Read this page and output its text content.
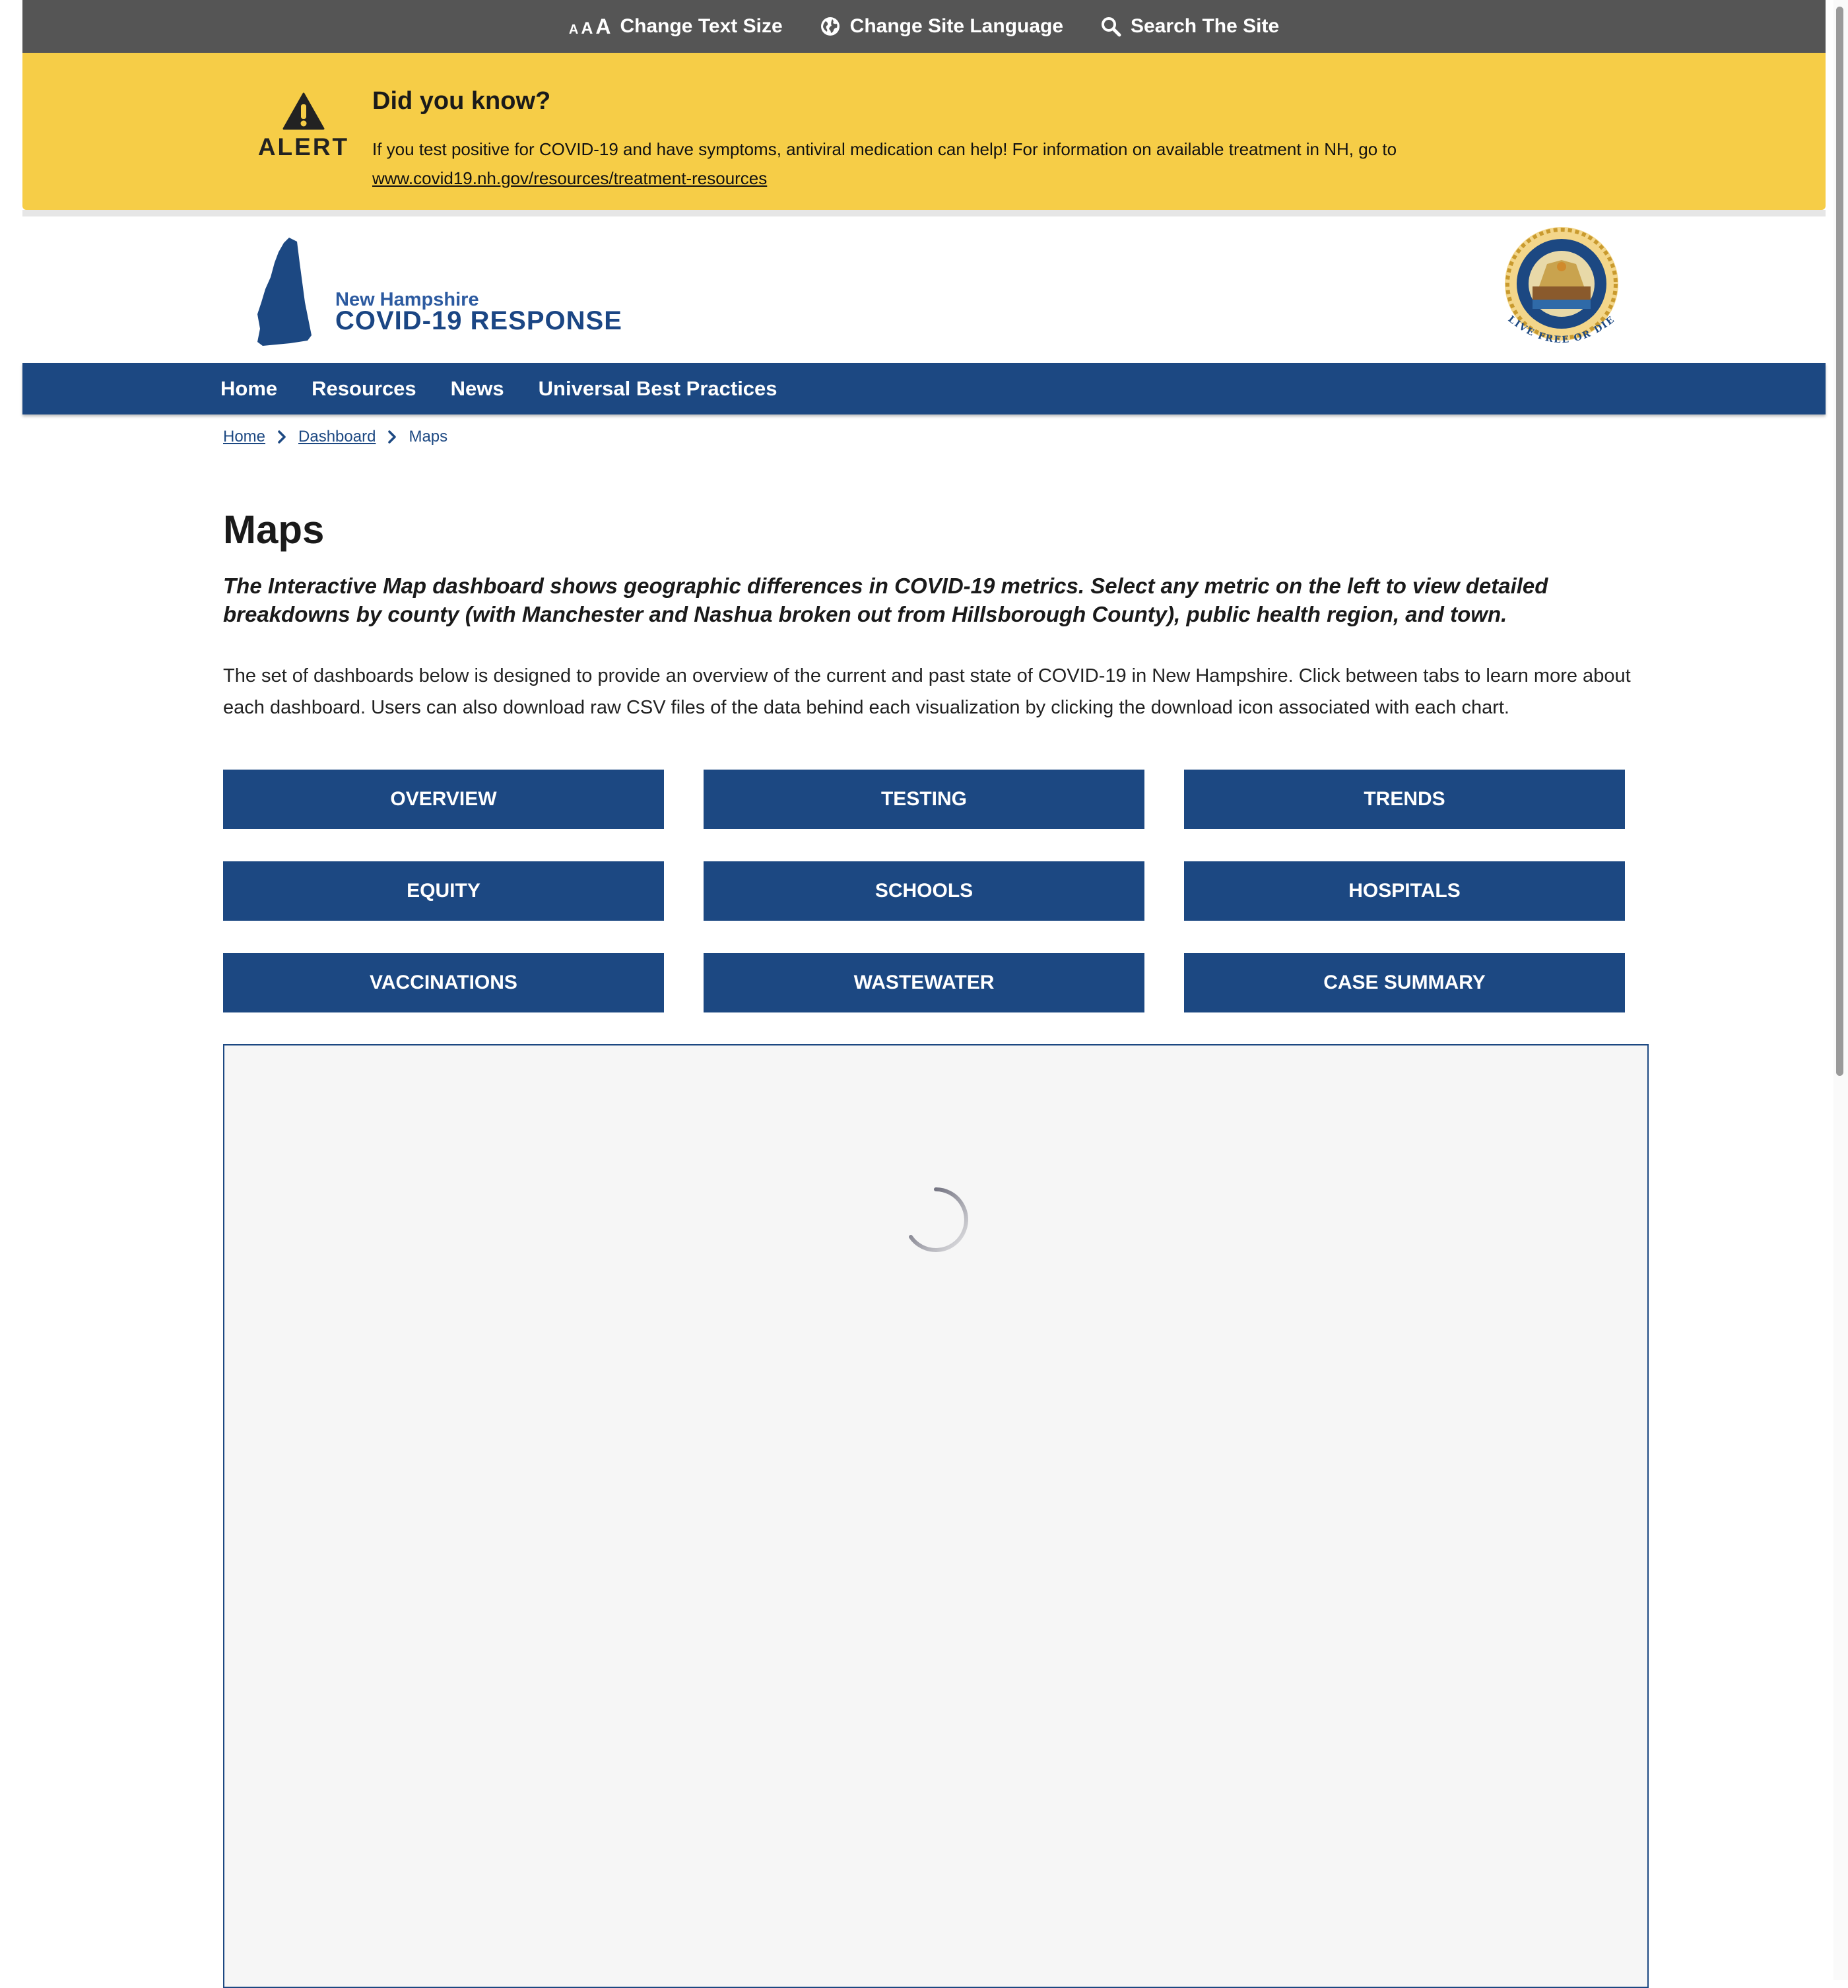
A A A Change Text Size	Change Site Language	Search The Site
ALERT
Did you know?
If you test positive for COVID-19 and have symptoms, antiviral medication can help! For information on available treatment in NH, go to
www.covid19.nh.gov/resources/treatment-resources
New Hampshire
COVID-19 RESPONSE	LIVE FREE OR DIE
Home Resources News Universal Best Practices
Home Dashboard Maps
Maps
The Interactive Map dashboard shows geographic differences in COVID-19 metrics. Select any metric on the left to view detailed breakdowns by county (with Manchester and Nashua broken out from Hillsborough County), public health region, and town.
The set of dashboards below is designed to provide an overview of the current and past state of COVID-19 in New Hampshire. Click between tabs to learn more about each dashboard. Users can also download raw CSV files of the data behind each visualization by clicking the download icon associated with each chart.
OVERVIEW	TESTING	TRENDS
EQUITY	SCHOOLS	HOSPITALS
VACCINATIONS	WASTEWATER	CASE SUMMARY
